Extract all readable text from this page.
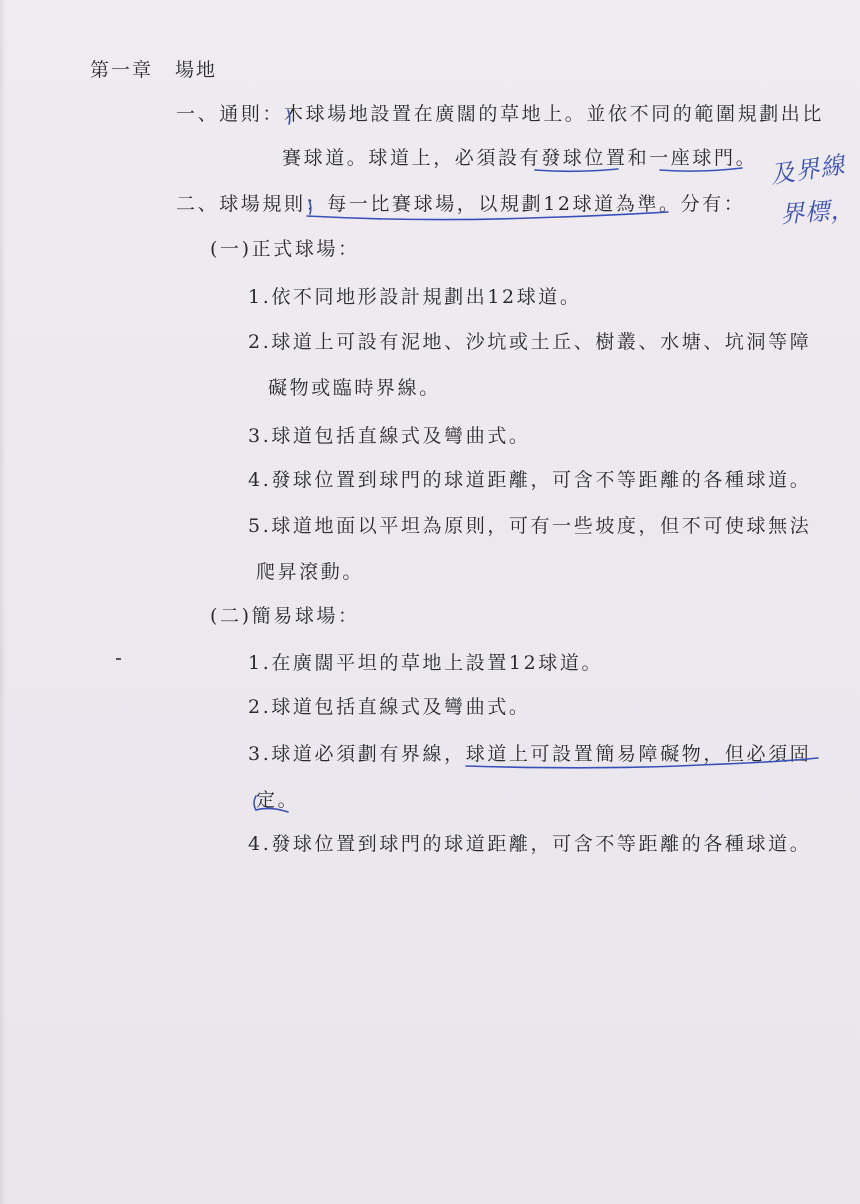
第一章 場地
一、通則：木球場地設置在廣闊的草地上。並依不同的範圍規劃出比
賽球道。球道上，必須設有發球位置和一座球門。
二、球場規則：每一比賽球場，以規劃12球道為準。分有：
(一)正式球場：
1.依不同地形設計規劃出12球道。
2.球道上可設有泥地、沙坑或土丘、樹叢、水塘、坑洞等障
礙物或臨時界線。
3.球道包括直線式及彎曲式。
4.發球位置到球門的球道距離，可含不等距離的各種球道。
5.球道地面以平坦為原則，可有一些坡度，但不可使球無法
爬昇滾動。
(二)簡易球場：
1.在廣闊平坦的草地上設置12球道。
2.球道包括直線式及彎曲式。
3.球道必須劃有界線，球道上可設置簡易障礙物，但必須固
定。
4.發球位置到球門的球道距離，可含不等距離的各種球道。
及界線
界標，
